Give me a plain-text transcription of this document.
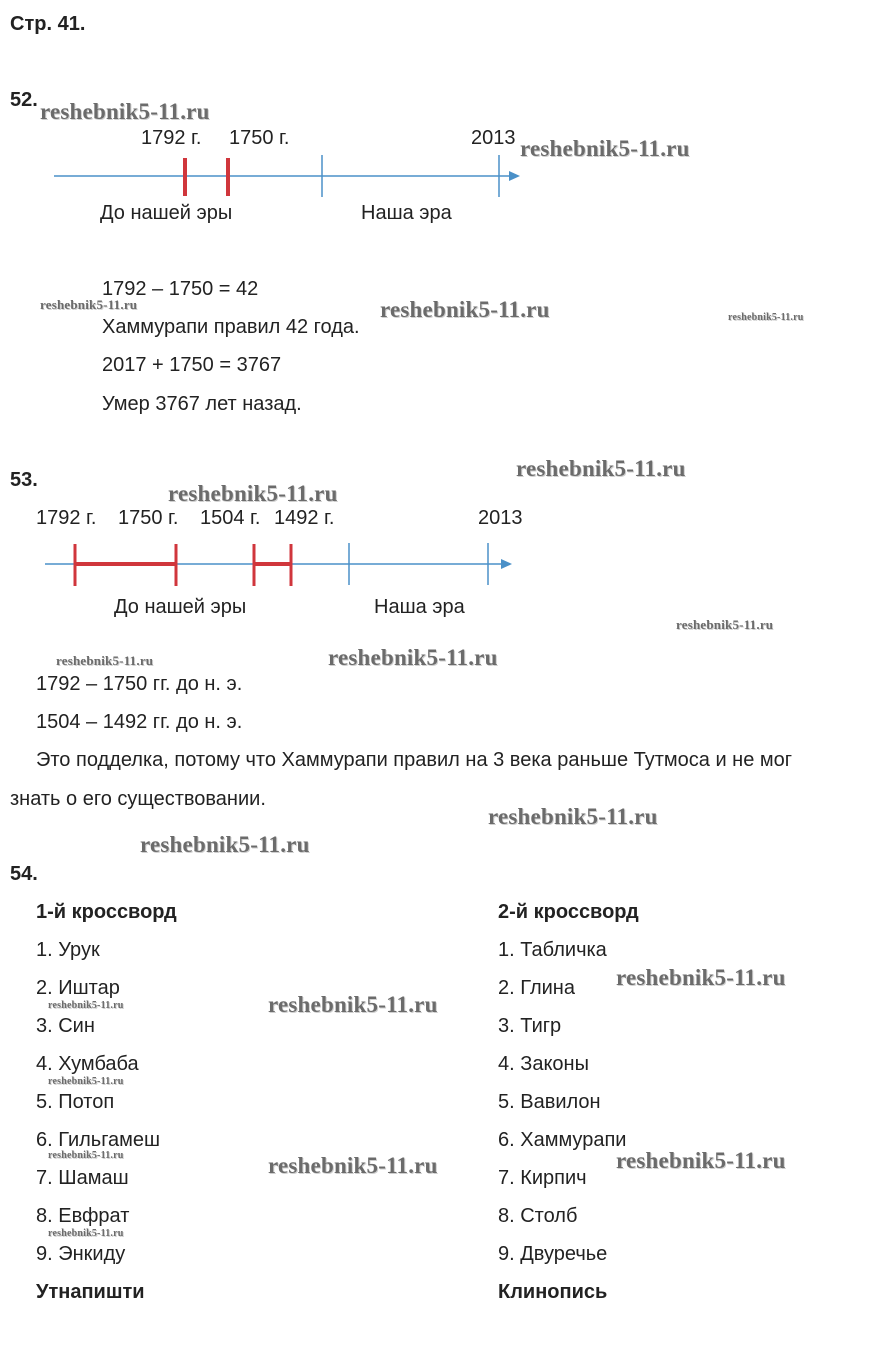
Стр. 41.
52.
1792 г. 1750 г.	2013
До нашей эры	Наша эра
1792 – 1750 = 42
Хаммурапи правил 42 года.
2017 + 1750 = 3767
Умер 3767 лет назад.
53.
1792 г. 1750 г. 1504 г. 1492 г.	2013
До нашей эры	Наша эра
1792 – 1750 гг. до н. э.
1504 – 1492 гг. до н. э.
Это подделка, потому что Хаммурапи правил на 3 века раньше Тутмоса и не мог
знать о его существовании.
54.
1-й кроссворд
1. Урук
2. Иштар
3. Син
4. Хумбаба
5. Потоп
6. Гильгамеш
7. Шамаш
8. Евфрат
9. Энкиду
Утнапишти
2-й кроссворд
1. Табличка
2. Глина
3. Тигр
4. Законы
5. Вавилон
6. Хаммурапи
7. Кирпич
8. Столб
9. Двуречье
Клинопись
reshebnik5-11.ru
reshebnik5-11.ru
reshebnik5-11.ru	reshebnik5-11.ru	reshebnik5-11.ru
reshebnik5-11.ru
reshebnik5-11.ru
reshebnik5-11.ru
reshebnik5-11.ru
reshebnik5-11.ru
reshebnik5-11.ru
reshebnik5-11.ru
reshebnik5-11.ru
reshebnik5-11.ru	reshebnik5-11.ru
reshebnik5-11.ru
reshebnik5-11.ru	reshebnik5-11.ru	reshebnik5-11.ru
reshebnik5-11.ru
